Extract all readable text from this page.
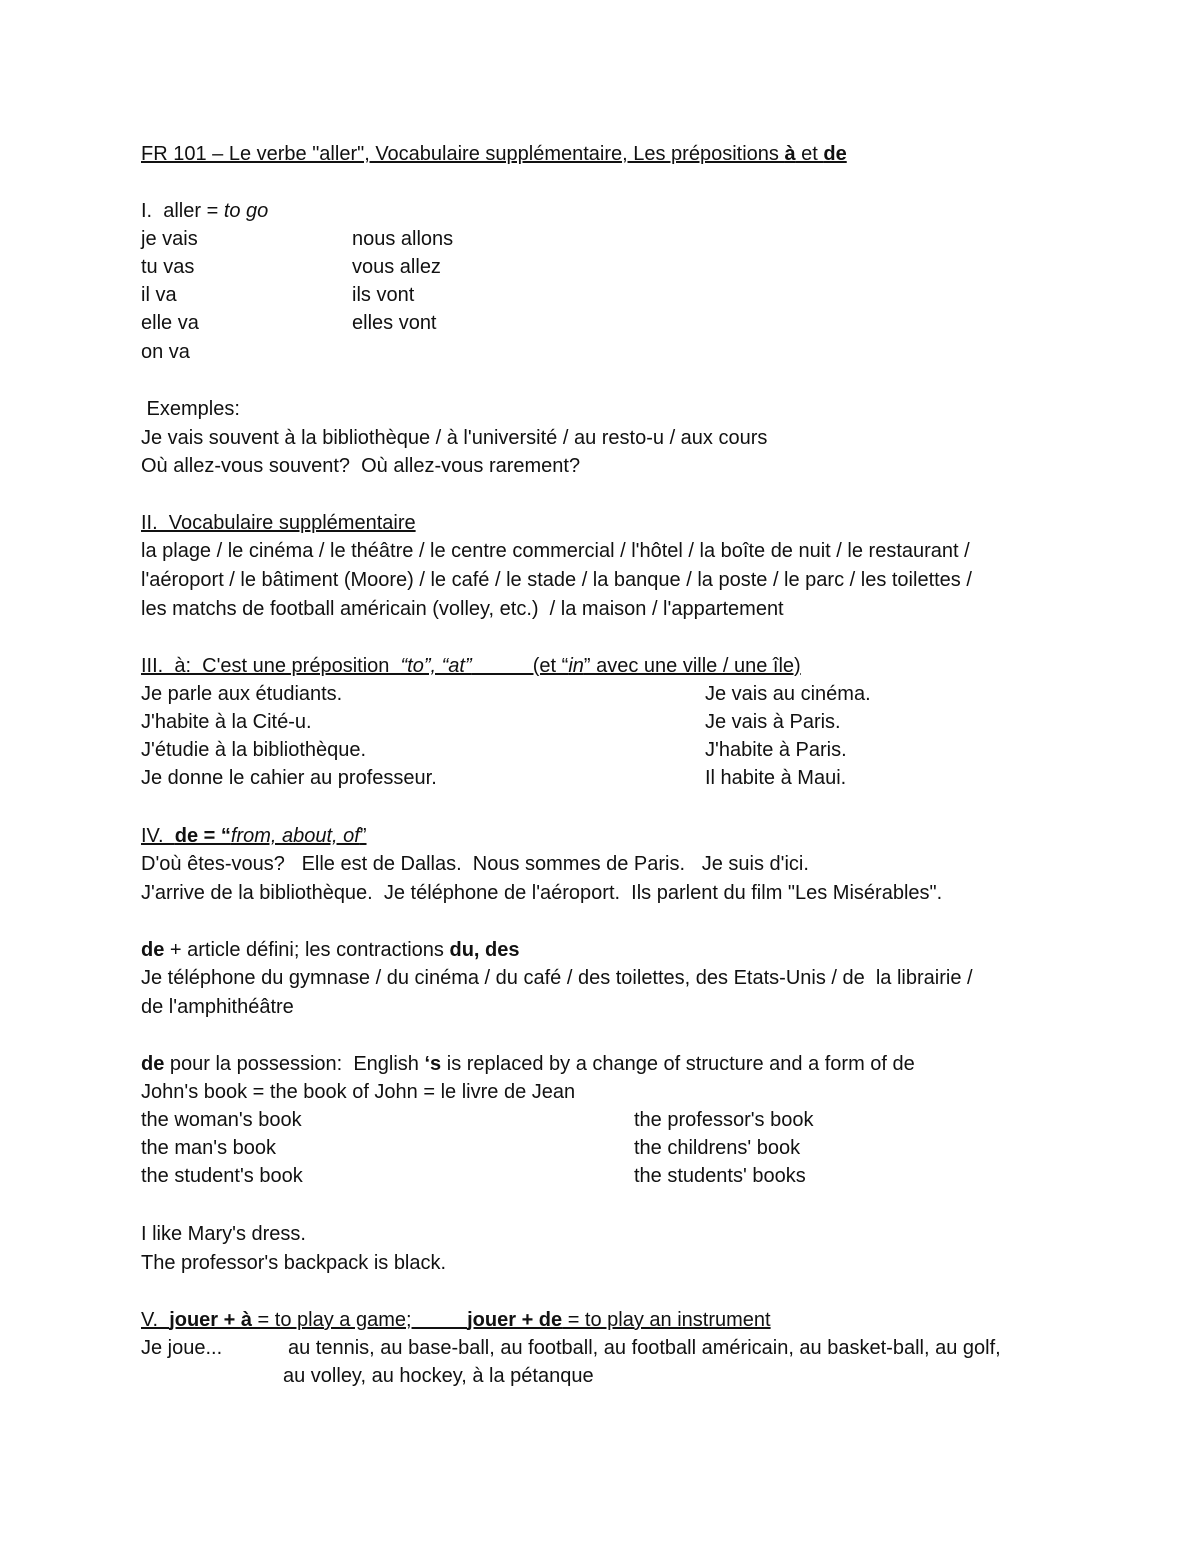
FR 101 – Le verbe "aller", Vocabulaire supplémentaire, Les prépositions à et de
I.  aller = to go
je vais	nous allons
tu vas	vous allez
il va	ils vont
elle va	elles vont
on va
Exemples:
Je vais souvent à la bibliothèque / à l'université / au resto-u / aux cours
Où allez-vous souvent?  Où allez-vous rarement?
II.  Vocabulaire supplémentaire
la plage / le cinéma / le théâtre / le centre commercial / l'hôtel / la boîte de nuit / le restaurant /
l'aéroport / le bâtiment (Moore) / le café / le stade / la banque / la poste / le parc / les toilettes /
les matchs de football américain (volley, etc.)  / la maison / l'appartement
III.  à:  C'est une préposition  “to”, “at”           (et “in” avec une ville / une île)
Je parle aux étudiants.	Je vais au cinéma.
J'habite à la Cité-u.	Je vais à Paris.
J'étudie à la bibliothèque.	J'habite à Paris.
Je donne le cahier au professeur.	Il habite à Maui.
IV.  de = “from, about, of”
D'où êtes-vous?   Elle est de Dallas.  Nous sommes de Paris.   Je suis d'ici.
J'arrive de la bibliothèque.  Je téléphone de l'aéroport.  Ils parlent du film "Les Misérables".
de + article défini; les contractions du, des
Je téléphone du gymnase / du cinéma / du café / des toilettes, des Etats-Unis / de  la librairie /
de l'amphithéâtre
de pour la possession:  English ‘s is replaced by a change of structure and a form of de
John's book = the book of John = le livre de Jean
the woman's book	the professor's book
the man's book	the childrens' book
the student's book	the students' books
I like Mary's dress.
The professor's backpack is black.
V.  jouer + à = to play a game;          jouer + de = to play an instrument
Je joue...	au tennis, au base-ball, au football, au football américain, au basket-ball, au golf,
au volley, au hockey, à la pétanque
